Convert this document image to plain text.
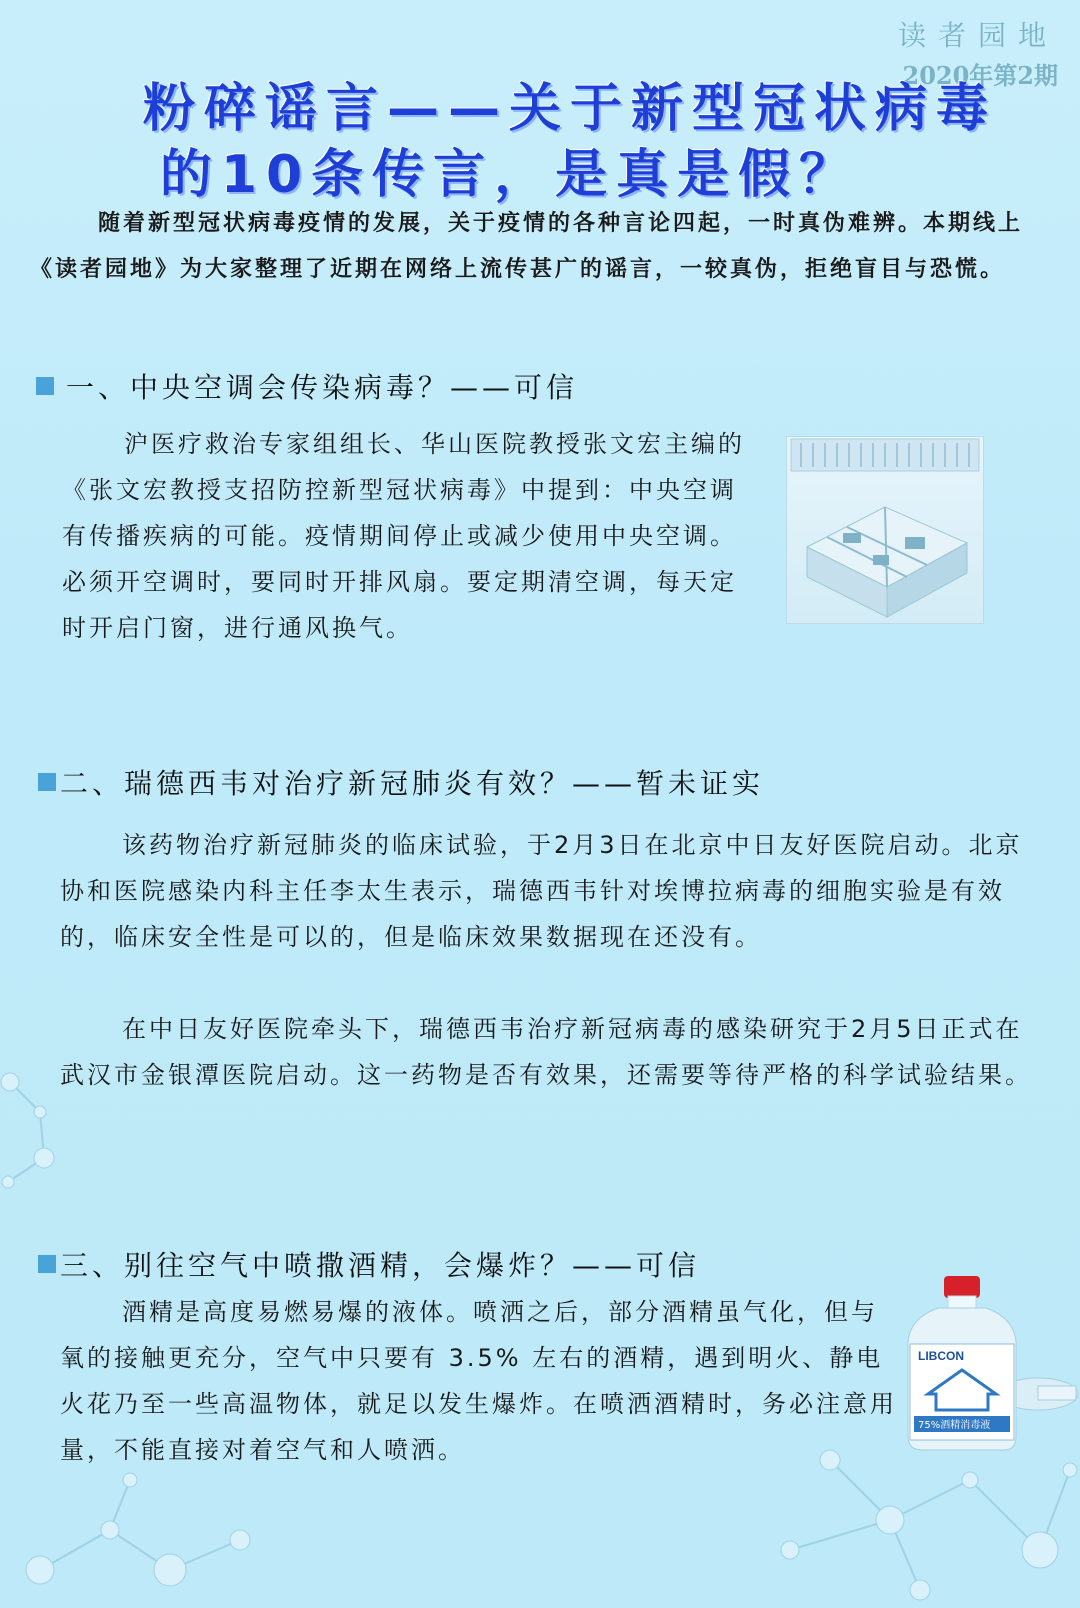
读者园地
2020年第2期
粉碎谣言——关于新型冠状病毒
的10条传言，是真是假？

随着新型冠状病毒疫情的发展，关于疫情的各种言论四起，一时真伪难辨。本期线上《读者园地》为大家整理了近期在网络上流传甚广的谣言，一较真伪，拒绝盲目与恐慌。

一、中央空调会传染病毒？——可信

沪医疗救治专家组组长、华山医院教授张文宏主编的《张文宏教授支招防控新型冠状病毒》中提到：中央空调有传播疾病的可能。疫情期间停止或减少使用中央空调。必须开空调时，要同时开排风扇。要定期清空调，每天定时开启门窗，进行通风换气。

二、瑞德西韦对治疗新冠肺炎有效？——暂未证实

该药物治疗新冠肺炎的临床试验，于2月3日在北京中日友好医院启动。北京协和医院感染内科主任李太生表示，瑞德西韦针对埃博拉病毒的细胞实验是有效的，临床安全性是可以的，但是临床效果数据现在还没有。

在中日友好医院牵头下，瑞德西韦治疗新冠病毒的感染研究于2月5日正式在武汉市金银潭医院启动。这一药物是否有效果，还需要等待严格的科学试验结果。

三、别往空气中喷撒酒精，会爆炸？——可信

酒精是高度易燃易爆的液体。喷洒之后，部分酒精虽气化，但与氧的接触更充分，空气中只要有 3.5% 左右的酒精，遇到明火、静电火花乃至一些高温物体，就足以发生爆炸。在喷洒酒精时，务必注意用量，不能直接对着空气和人喷洒。

LIBCON
75%酒精消毒液
